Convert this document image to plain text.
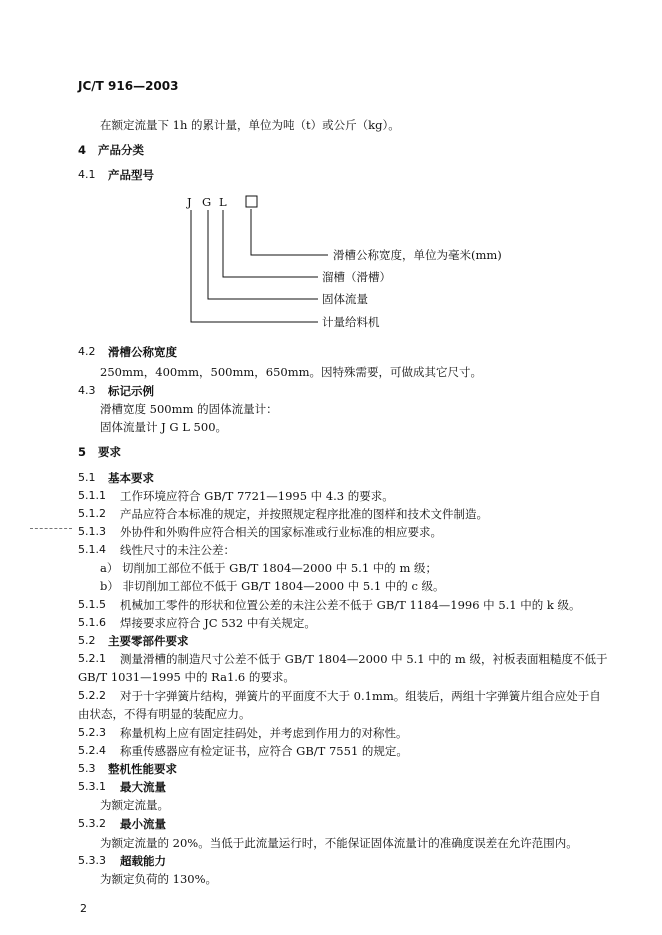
JC/T 916—2003
在额定流量下 1h 的累计量，单位为吨（t）或公斤（kg）。
4 产品分类
4.1 产品型号
J G L
滑槽公称宽度，单位为毫米(mm)
溜槽（滑槽）
固体流量
计量给料机
4.2 滑槽公称宽度
250mm，400mm，500mm，650mm。因特殊需要，可做成其它尺寸。
4.3 标记示例
滑槽宽度 500mm 的固体流量计：
固体流量计 J G L 500。
5 要求
5.1 基本要求
5.1.1 工作环境应符合 GB/T 7721—1995 中 4.3 的要求。
5.1.2 产品应符合本标准的规定，并按照规定程序批准的图样和技术文件制造。
5.1.3 外协件和外购件应符合相关的国家标准或行业标准的相应要求。
5.1.4 线性尺寸的未注公差：
a） 切削加工部位不低于 GB/T 1804—2000 中 5.1 中的 m 级；
b） 非切削加工部位不低于 GB/T 1804—2000 中 5.1 中的 c 级。
5.1.5 机械加工零件的形状和位置公差的未注公差不低于 GB/T 1184—1996 中 5.1 中的 k 级。
5.1.6 焊接要求应符合 JC 532 中有关规定。
5.2 主要零部件要求
5.2.1 测量滑槽的制造尺寸公差不低于 GB/T 1804—2000 中 5.1 中的 m 级，衬板表面粗糙度不低于
GB/T 1031—1995 中的 Ra1.6 的要求。
5.2.2 对于十字弹簧片结构，弹簧片的平面度不大于 0.1mm。组装后，两组十字弹簧片组合应处于自
由状态，不得有明显的装配应力。
5.2.3 称量机构上应有固定挂码处，并考虑到作用力的对称性。
5.2.4 称重传感器应有检定证书，应符合 GB/T 7551 的规定。
5.3 整机性能要求
5.3.1 最大流量
为额定流量。
5.3.2 最小流量
为额定流量的 20%。当低于此流量运行时，不能保证固体流量计的准确度误差在允许范围内。
5.3.3 超载能力
为额定负荷的 130%。
2
